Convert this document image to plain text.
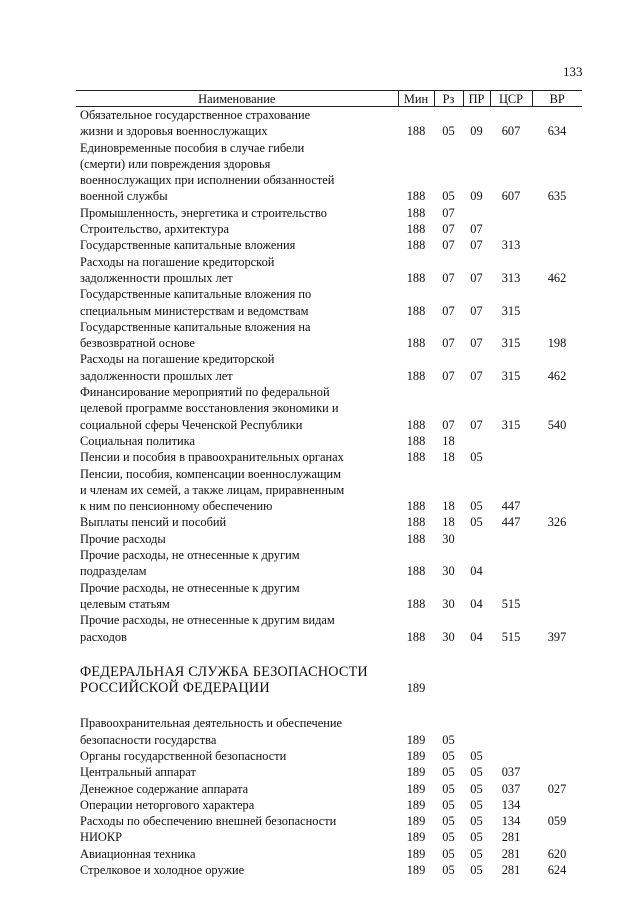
133
Наименование	Мин	Рз	ПР	ЦСР	ВР

Обязательное государственное страхование
жизни и здоровья военнослужащих	188	05	09	607	634

Единовременные пособия в случае гибели
(смерти) или повреждения здоровья
военнослужащих при исполнении обязанностей
военной службы	188	05	09	607	635

Промышленность, энергетика и строительство	188	07			

Строительство, архитектура	188	07	07		

Государственные капитальные вложения	188	07	07	313	

Расходы на погашение кредиторской
задолженности прошлых лет	188	07	07	313	462

Государственные капитальные вложения по
специальным министерствам и ведомствам	188	07	07	315	

Государственные капитальные вложения на
безвозвратной основе	188	07	07	315	198

Расходы на погашение кредиторской
задолженности прошлых лет	188	07	07	315	462

Финансирование мероприятий по федеральной
целевой программе восстановления экономики и
социальной сферы Чеченской Республики	188	07	07	315	540

Социальная политика	188	18			

Пенсии и пособия в правоохранительных органах	188	18	05		

Пенсии, пособия, компенсации военнослужащим
и членам их семей, а также лицам, приравненным
к ним по пенсионному обеспечению	188	18	05	447	

Выплаты пенсий и пособий	188	18	05	447	326

Прочие расходы	188	30			

Прочие расходы, не отнесенные к другим
подразделам	188	30	04		

Прочие расходы, не отнесенные к другим
целевым статьям	188	30	04	515	

Прочие расходы, не отнесенные к другим видам
расходов	188	30	04	515	397

ФЕДЕРАЛЬНАЯ СЛУЖБА БЕЗОПАСНОСТИ
РОССИЙСКОЙ ФЕДЕРАЦИИ	189				

Правоохранительная деятельность и обеспечение
безопасности государства	189	05			

Органы государственной безопасности	189	05	05		

Центральный аппарат	189	05	05	037	

Денежное содержание аппарата	189	05	05	037	027

Операции неторгового характера	189	05	05	134	

Расходы по обеспечению внешней безопасности	189	05	05	134	059

НИОКР	189	05	05	281	

Авиационная техника	189	05	05	281	620

Стрелковое и холодное оружие	189	05	05	281	624
